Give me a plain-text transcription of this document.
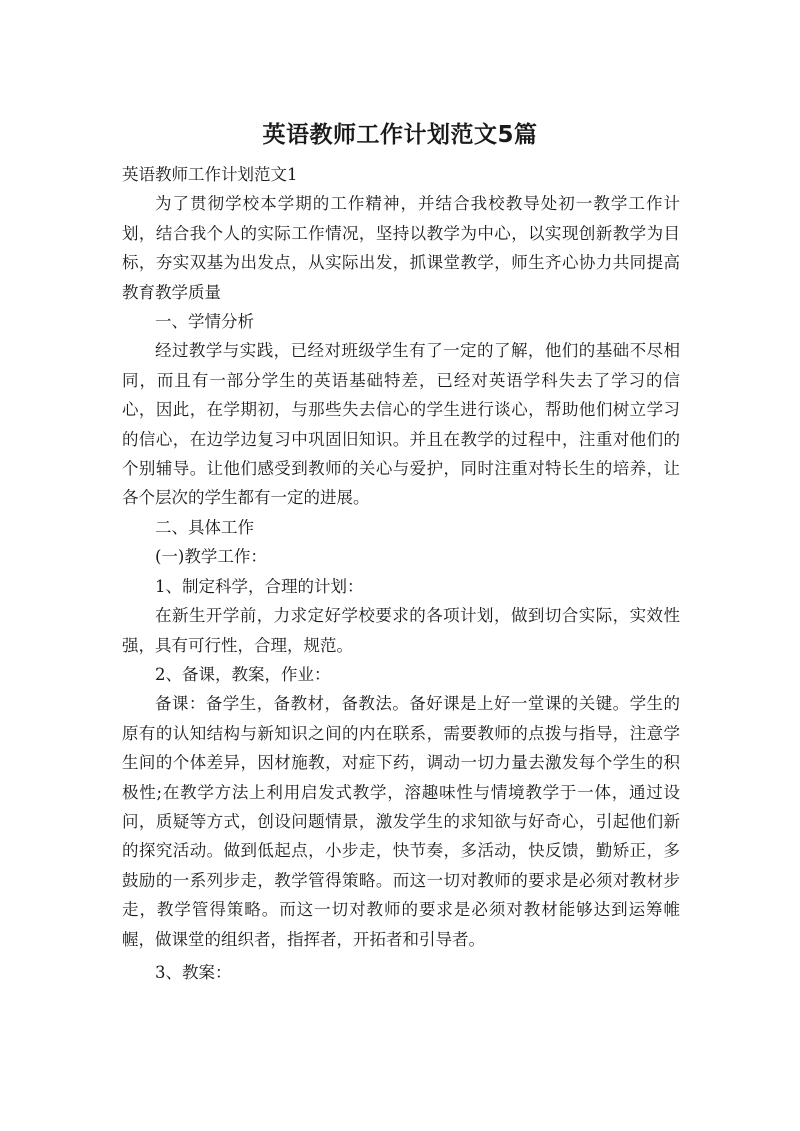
英语教师工作计划范文5篇

英语教师工作计划范文1

为了贯彻学校本学期的工作精神，并结合我校教导处初一教学工作计划，结合我个人的实际工作情况，坚持以教学为中心，以实现创新教学为目标，夯实双基为出发点，从实际出发，抓课堂教学，师生齐心协力共同提高教育教学质量

一、学情分析

经过教学与实践，已经对班级学生有了一定的了解，他们的基础不尽相同，而且有一部分学生的英语基础特差，已经对英语学科失去了学习的信心，因此，在学期初，与那些失去信心的学生进行谈心，帮助他们树立学习的信心，在边学边复习中巩固旧知识。并且在教学的过程中，注重对他们的个别辅导。让他们感受到教师的关心与爱护，同时注重对特长生的培养，让各个层次的学生都有一定的进展。

二、具体工作

(一)教学工作：

1、制定科学，合理的计划：

在新生开学前，力求定好学校要求的各项计划，做到切合实际，实效性强，具有可行性，合理，规范。

2、备课，教案，作业：

备课：备学生，备教材，备教法。备好课是上好一堂课的关键。学生的原有的认知结构与新知识之间的内在联系，需要教师的点拨与指导，注意学生间的个体差异，因材施教，对症下药，调动一切力量去激发每个学生的积极性;在教学方法上利用启发式教学，溶趣味性与情境教学于一体，通过设问，质疑等方式，创设问题情景，激发学生的求知欲与好奇心，引起他们新的探究活动。做到低起点，小步走，快节奏，多活动，快反馈，勤矫正，多鼓励的一系列步走，教学管得策略。而这一切对教师的要求是必须对教材步走，教学管得策略。而这一切对教师的要求是必须对教材能够达到运筹帷幄，做课堂的组织者，指挥者，开拓者和引导者。

3、教案：
